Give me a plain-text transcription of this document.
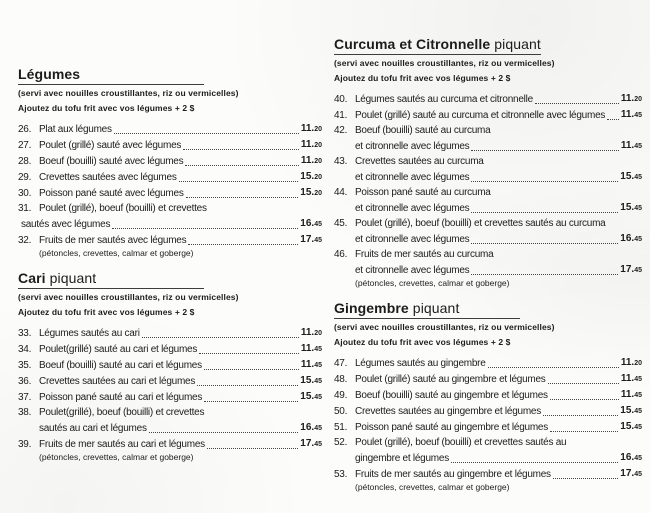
Légumes

(servi avec nouilles croustillantes, riz ou vermicelles)

Ajoutez du tofu frit avec vos légumes + 2 $

26. Plat aux légumes	11.20
27. Poulet (grillé) sauté avec légumes	11.20
28. Boeuf (bouilli) sauté avec légumes	11.20
29. Crevettes sautées avec légumes	15.20
30. Poisson pané sauté avec légumes	15.20
31. Poulet (grillé), boeuf (bouilli) et crevettes
sautés avec légumes	16.45
32. Fruits de mer sautés avec légumes	17.45
(pétoncles, crevettes, calmar et goberge)
Cari piquant

(servi avec nouilles croustillantes, riz ou vermicelles)

Ajoutez du tofu frit avec vos légumes + 2 $

33. Légumes sautés au cari	11.20
34. Poulet(grillé) sauté au cari et légumes	11.45
35. Boeuf (bouilli) sauté au cari et légumes	11.45
36. Crevettes sautées au cari et légumes	15.45
37. Poisson pané sauté au cari et légumes	15.45
38. Poulet(grillé), boeuf (bouilli) et crevettes
sautés au cari et légumes	16.45
39. Fruits de mer sautés au cari et légumes	17.45
(pétoncles, crevettes, calmar et goberge)
Curcuma et Citronnelle piquant

(servi avec nouilles croustillantes, riz ou vermicelles)

Ajoutez du tofu frit avec vos légumes + 2 $

40. Légumes sautés au curcuma et citronnelle	11.20
41. Poulet (grillé) sauté au curcuma et citronnelle avec légumes 11.45
42. Boeuf (bouilli) sauté au curcuma
et citronnelle avec légumes	11.45
43. Crevettes sautées au curcuma
et citronnelle avec légumes	15.45
44. Poisson pané sauté au curcuma
et citronnelle avec légumes	15.45
45. Poulet (grillé), boeuf (bouilli) et crevettes sautés au curcuma
et citronnelle avec légumes	16.45
46. Fruits de mer sautés au curcuma
et citronnelle avec légumes	17.45
(pétoncles, crevettes, calmar et goberge)
Gingembre piquant

(servi avec nouilles croustillantes, riz ou vermicelles)

Ajoutez du tofu frit avec vos légumes + 2 $

47. Légumes sautés au gingembre	11.20
48. Poulet (grillé) sauté au gingembre et légumes	11.45
49. Boeuf (bouilli) sauté au gingembre et légumes	11.45
50. Crevettes sautées au gingembre et légumes	15.45
51. Poisson pané sauté au gingembre et légumes	15.45
52. Poulet (grillé), boeuf (bouilli) et crevettes sautés au
gingembre et légumes	16.45
53. Fruits de mer sautés au gingembre et légumes	17.45
(pétoncles, crevettes, calmar et goberge)
